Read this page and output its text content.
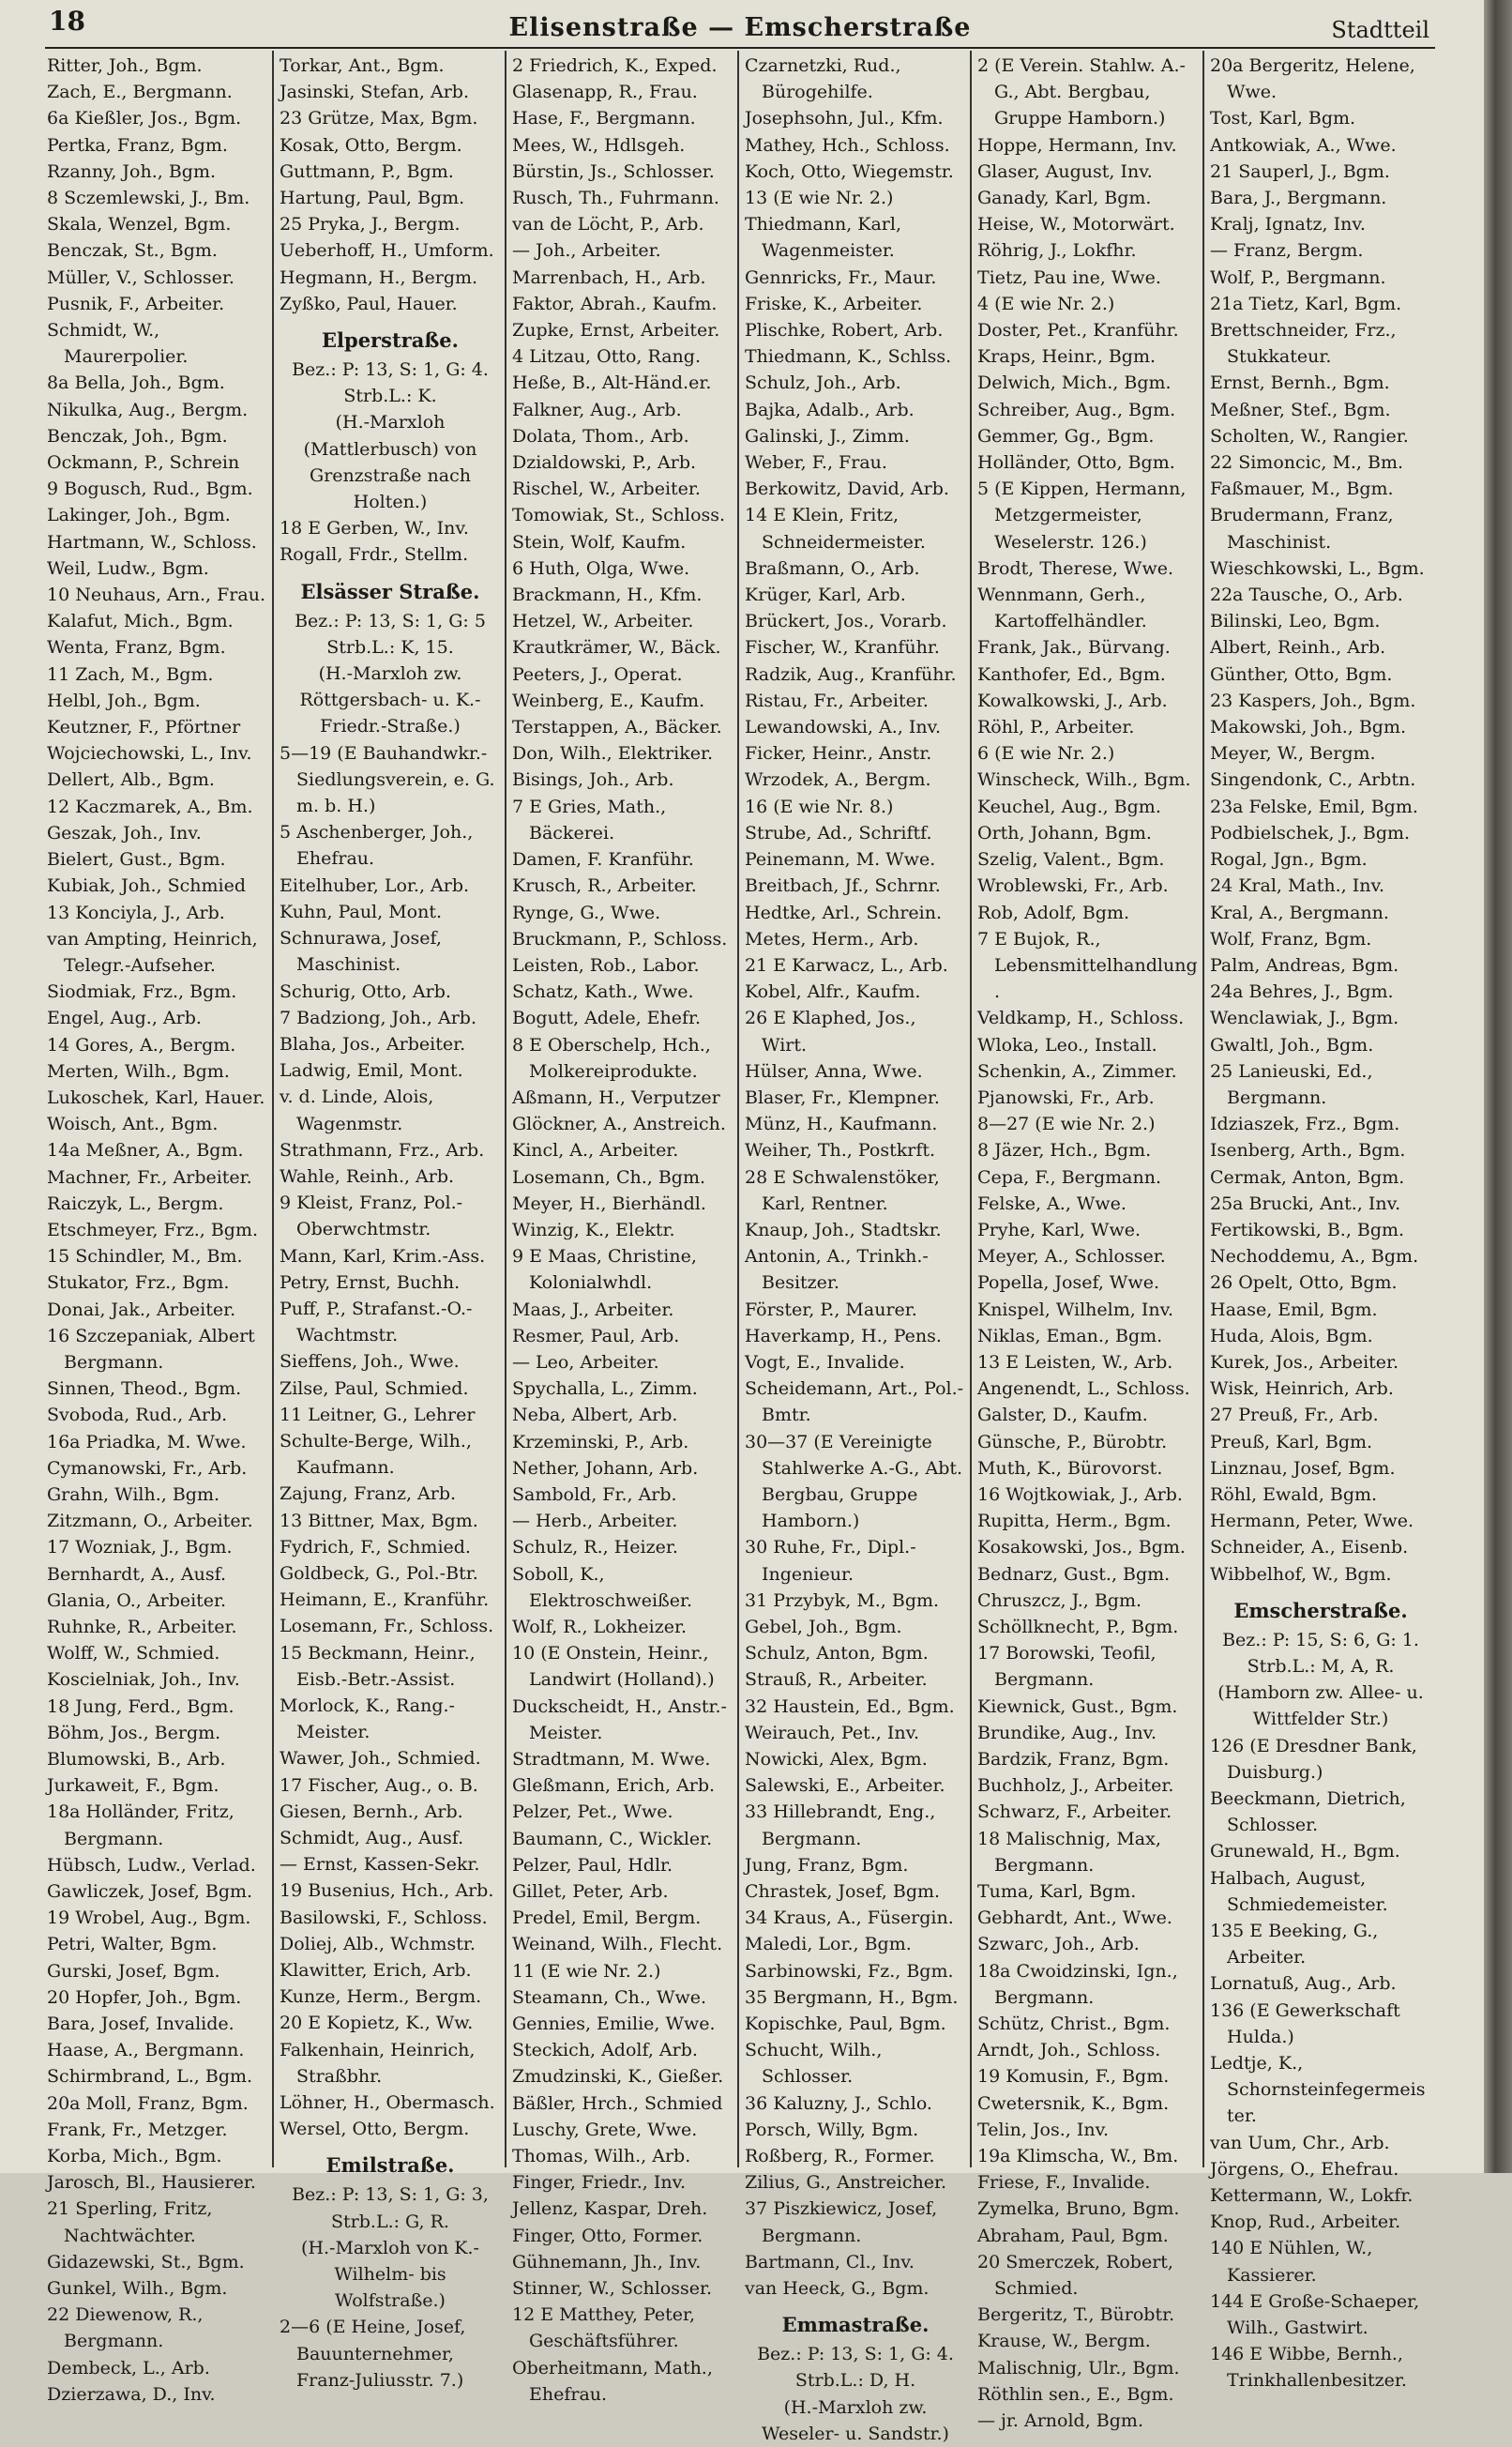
18	Elisenstraße — Emscherstraße	Stadtteil

Ritter, Joh., Bgm.

Zach, E., Bergmann.

6a Kießler, Jos., Bgm.

Pertka, Franz, Bgm.

Rzanny, Joh., Bgm.

8 Sczemlewski, J., Bm.

Skala, Wenzel, Bgm.

Benczak, St., Bgm.

Müller, V., Schlosser.

Pusnik, F., Arbeiter.

Schmidt, W., Maurerpolier.

8a Bella, Joh., Bgm.

Nikulka, Aug., Bergm.

Benczak, Joh., Bgm.

Ockmann, P., Schrein

9 Bogusch, Rud., Bgm.

Lakinger, Joh., Bgm.

Hartmann, W., Schloss.

Weil, Ludw., Bgm.

10 Neuhaus, Arn., Frau.

Kalafut, Mich., Bgm.

Wenta, Franz, Bgm.

11 Zach, M., Bgm.

Helbl, Joh., Bgm.

Keutzner, F., Pförtner

Wojciechowski, L., Inv.

Dellert, Alb., Bgm.

12 Kaczmarek, A., Bm.

Geszak, Joh., Inv.

Bielert, Gust., Bgm.

Kubiak, Joh., Schmied

13 Konciyla, J., Arb.

van Ampting, Heinrich, Telegr.-Aufseher.

Siodmiak, Frz., Bgm.

Engel, Aug., Arb.

14 Gores, A., Bergm.

Merten, Wilh., Bgm.

Lukoschek, Karl, Hauer.

Woisch, Ant., Bgm.

14a Meßner, A., Bgm.

Machner, Fr., Arbeiter.

Raiczyk, L., Bergm.

Etschmeyer, Frz., Bgm.

15 Schindler, M., Bm.

Stukator, Frz., Bgm.

Donai, Jak., Arbeiter.

16 Szczepaniak, Albert Bergmann.

Sinnen, Theod., Bgm.

Svoboda, Rud., Arb.

16a Priadka, M. Wwe.

Cymanowski, Fr., Arb.

Grahn, Wilh., Bgm.

Zitzmann, O., Arbeiter.

17 Wozniak, J., Bgm.

Bernhardt, A., Ausf.

Glania, O., Arbeiter.

Ruhnke, R., Arbeiter.

Wolff, W., Schmied.

Koscielniak, Joh., Inv.

18 Jung, Ferd., Bgm.

Böhm, Jos., Bergm.

Blumowski, B., Arb.

Jurkaweit, F., Bgm.

18a Holländer, Fritz, Bergmann.

Hübsch, Ludw., Verlad.

Gawliczek, Josef, Bgm.

19 Wrobel, Aug., Bgm.

Petri, Walter, Bgm.

Gurski, Josef, Bgm.

20 Hopfer, Joh., Bgm.

Bara, Josef, Invalide.

Haase, A., Bergmann.

Schirmbrand, L., Bgm.

20a Moll, Franz, Bgm.

Frank, Fr., Metzger.

Korba, Mich., Bgm.

Jarosch, Bl., Hausierer.

21 Sperling, Fritz, Nachtwächter.

Gidazewski, St., Bgm.

Gunkel, Wilh., Bgm.

22 Diewenow, R., Bergmann.

Dembeck, L., Arb.

Dzierzawa, D., Inv.

Torkar, Ant., Bgm.

Jasinski, Stefan, Arb.

23 Grütze, Max, Bgm.

Kosak, Otto, Bergm.

Guttmann, P., Bgm.

Hartung, Paul, Bgm.

25 Pryka, J., Bergm.

Ueberhoff, H., Umform.

Hegmann, H., Bergm.

Zyßko, Paul, Hauer.

Elperstraße.

Bez.: P: 13, S: 1, G: 4.

Strb.L.: K.

(H.-Marxloh (Mattlerbusch) von Grenzstraße nach Holten.)

18 E Gerben, W., Inv.

Rogall, Frdr., Stellm.

Elsässer Straße.

Bez.: P: 13, S: 1, G: 5

Strb.L.: K, 15.

(H.-Marxloh zw. Röttgersbach- u. K.-Friedr.-Straße.)

5—19 (E Bauhandwkr.-Siedlungsverein, e. G. m. b. H.)

5 Aschenberger, Joh., Ehefrau.

Eitelhuber, Lor., Arb.

Kuhn, Paul, Mont.

Schnurawa, Josef, Maschinist.

Schurig, Otto, Arb.

7 Badziong, Joh., Arb.

Blaha, Jos., Arbeiter.

Ladwig, Emil, Mont.

v. d. Linde, Alois, Wagenmstr.

Strathmann, Frz., Arb.

Wahle, Reinh., Arb.

9 Kleist, Franz, Pol.-Oberwchtmstr.

Mann, Karl, Krim.-Ass.

Petry, Ernst, Buchh.

Puff, P., Strafanst.-O.-Wachtmstr.

Sieffens, Joh., Wwe.

Zilse, Paul, Schmied.

11 Leitner, G., Lehrer

Schulte-Berge, Wilh., Kaufmann.

Zajung, Franz, Arb.

13 Bittner, Max, Bgm.

Fydrich, F., Schmied.

Goldbeck, G., Pol.-Btr.

Heimann, E., Kranführ.

Losemann, Fr., Schloss.

15 Beckmann, Heinr., Eisb.-Betr.-Assist.

Morlock, K., Rang.-Meister.

Wawer, Joh., Schmied.

17 Fischer, Aug., o. B.

Giesen, Bernh., Arb.

Schmidt, Aug., Ausf.

— Ernst, Kassen-Sekr.

19 Busenius, Hch., Arb.

Basilowski, F., Schloss.

Doliej, Alb., Wchmstr.

Klawitter, Erich, Arb.

Kunze, Herm., Bergm.

20 E Kopietz, K., Ww.

Falkenhain, Heinrich, Straßbhr.

Löhner, H., Obermasch.

Wersel, Otto, Bergm.

Emilstraße.

Bez.: P: 13, S: 1, G: 3,

Strb.L.: G, R.

(H.-Marxloh von K.-Wilhelm- bis Wolfstraße.)

2—6 (E Heine, Josef, Bauunternehmer, Franz-Juliusstr. 7.)

2 Friedrich, K., Exped.

Glasenapp, R., Frau.

Hase, F., Bergmann.

Mees, W., Hdlsgeh.

Bürstin, Js., Schlosser.

Rusch, Th., Fuhrmann.

van de Löcht, P., Arb.

— Joh., Arbeiter.

Marrenbach, H., Arb.

Faktor, Abrah., Kaufm.

Zupke, Ernst, Arbeiter.

4 Litzau, Otto, Rang.

Heße, B., Alt-Händ.er.

Falkner, Aug., Arb.

Dolata, Thom., Arb.

Dzialdowski, P., Arb.

Rischel, W., Arbeiter.

Tomowiak, St., Schloss.

Stein, Wolf, Kaufm.

6 Huth, Olga, Wwe.

Brackmann, H., Kfm.

Hetzel, W., Arbeiter.

Krautkrämer, W., Bäck.

Peeters, J., Operat.

Weinberg, E., Kaufm.

Terstappen, A., Bäcker.

Don, Wilh., Elektriker.

Bisings, Joh., Arb.

7 E Gries, Math., Bäckerei.

Damen, F. Kranführ.

Krusch, R., Arbeiter.

Rynge, G., Wwe.

Bruckmann, P., Schloss.

Leisten, Rob., Labor.

Schatz, Kath., Wwe.

Bogutt, Adele, Ehefr.

8 E Oberschelp, Hch., Molkereiprodukte.

Aßmann, H., Verputzer

Glöckner, A., Anstreich.

Kincl, A., Arbeiter.

Losemann, Ch., Bgm.

Meyer, H., Bierhändl.

Winzig, K., Elektr.

9 E Maas, Christine, Kolonialwhdl.

Maas, J., Arbeiter.

Resmer, Paul, Arb.

— Leo, Arbeiter.

Spychalla, L., Zimm.

Neba, Albert, Arb.

Krzeminski, P., Arb.

Nether, Johann, Arb.

Sambold, Fr., Arb.

— Herb., Arbeiter.

Schulz, R., Heizer.

Soboll, K., Elektroschweißer.

Wolf, R., Lokheizer.

10 (E Onstein, Heinr., Landwirt (Holland).)

Duckscheidt, H., Anstr.-Meister.

Stradtmann, M. Wwe.

Gleßmann, Erich, Arb.

Pelzer, Pet., Wwe.

Baumann, C., Wickler.

Pelzer, Paul, Hdlr.

Gillet, Peter, Arb.

Predel, Emil, Bergm.

Weinand, Wilh., Flecht.

11 (E wie Nr. 2.)

Steamann, Ch., Wwe.

Gennies, Emilie, Wwe.

Steckich, Adolf, Arb.

Zmudzinski, K., Gießer.

Bäßler, Hrch., Schmied

Luschy, Grete, Wwe.

Thomas, Wilh., Arb.

Finger, Friedr., Inv.

Jellenz, Kaspar, Dreh.

Finger, Otto, Former.

Gühnemann, Jh., Inv.

Stinner, W., Schlosser.

12 E Matthey, Peter, Geschäftsführer.

Oberheitmann, Math., Ehefrau.

Czarnetzki, Rud., Bürogehilfe.

Josephsohn, Jul., Kfm.

Mathey, Hch., Schloss.

Koch, Otto, Wiegemstr.

13 (E wie Nr. 2.)

Thiedmann, Karl, Wagenmeister.

Gennricks, Fr., Maur.

Friske, K., Arbeiter.

Plischke, Robert, Arb.

Thiedmann, K., Schlss.

Schulz, Joh., Arb.

Bajka, Adalb., Arb.

Galinski, J., Zimm.

Weber, F., Frau.

Berkowitz, David, Arb.

14 E Klein, Fritz, Schneidermeister.

Braßmann, O., Arb.

Krüger, Karl, Arb.

Brückert, Jos., Vorarb.

Fischer, W., Kranführ.

Radzik, Aug., Kranführ.

Ristau, Fr., Arbeiter.

Lewandowski, A., Inv.

Ficker, Heinr., Anstr.

Wrzodek, A., Bergm.

16 (E wie Nr. 8.)

Strube, Ad., Schriftf.

Peinemann, M. Wwe.

Breitbach, Jf., Schrnr.

Hedtke, Arl., Schrein.

Metes, Herm., Arb.

21 E Karwacz, L., Arb.

Kobel, Alfr., Kaufm.

26 E Klaphed, Jos., Wirt.

Hülser, Anna, Wwe.

Blaser, Fr., Klempner.

Münz, H., Kaufmann.

Weiher, Th., Postkrft.

28 E Schwalenstöker, Karl, Rentner.

Knaup, Joh., Stadtskr.

Antonin, A., Trinkh.-Besitzer.

Förster, P., Maurer.

Haverkamp, H., Pens.

Vogt, E., Invalide.

Scheidemann, Art., Pol.-Bmtr.

30—37 (E Vereinigte Stahlwerke A.-G., Abt. Bergbau, Gruppe Hamborn.)

30 Ruhe, Fr., Dipl.-Ingenieur.

31 Przybyk, M., Bgm.

Gebel, Joh., Bgm.

Schulz, Anton, Bgm.

Strauß, R., Arbeiter.

32 Haustein, Ed., Bgm.

Weirauch, Pet., Inv.

Nowicki, Alex, Bgm.

Salewski, E., Arbeiter.

33 Hillebrandt, Eng., Bergmann.

Jung, Franz, Bgm.

Chrastek, Josef, Bgm.

34 Kraus, A., Füsergin.

Maledi, Lor., Bgm.

Sarbinowski, Fz., Bgm.

35 Bergmann, H., Bgm.

Kopischke, Paul, Bgm.

Schucht, Wilh., Schlosser.

36 Kaluzny, J., Schlo.

Porsch, Willy, Bgm.

Roßberg, R., Former.

Zilius, G., Anstreicher.

37 Piszkiewicz, Josef, Bergmann.

Bartmann, Cl., Inv.

van Heeck, G., Bgm.

Emmastraße.

Bez.: P: 13, S: 1, G: 4.

Strb.L.: D, H.

(H.-Marxloh zw. Weseler- u. Sandstr.)

2 (E Verein. Stahlw. A.-G., Abt. Bergbau, Gruppe Hamborn.)

Hoppe, Hermann, Inv.

Glaser, August, Inv.

Ganady, Karl, Bgm.

Heise, W., Motorwärt.

Röhrig, J., Lokfhr.

Tietz, Pau ine, Wwe.

4 (E wie Nr. 2.)

Doster, Pet., Kranführ.

Kraps, Heinr., Bgm.

Delwich, Mich., Bgm.

Schreiber, Aug., Bgm.

Gemmer, Gg., Bgm.

Holländer, Otto, Bgm.

5 (E Kippen, Hermann, Metzgermeister, Weselerstr. 126.)

Brodt, Therese, Wwe.

Wennmann, Gerh., Kartoffelhändler.

Frank, Jak., Bürvang.

Kanthofer, Ed., Bgm.

Kowalkowski, J., Arb.

Röhl, P., Arbeiter.

6 (E wie Nr. 2.)

Winscheck, Wilh., Bgm.

Keuchel, Aug., Bgm.

Orth, Johann, Bgm.

Szelig, Valent., Bgm.

Wroblewski, Fr., Arb.

Rob, Adolf, Bgm.

7 E Bujok, R., Lebensmittelhandlung.

Veldkamp, H., Schloss.

Wloka, Leo., Install.

Schenkin, A., Zimmer.

Pjanowski, Fr., Arb.

8—27 (E wie Nr. 2.)

8 Jäzer, Hch., Bgm.

Cepa, F., Bergmann.

Felske, A., Wwe.

Pryhe, Karl, Wwe.

Meyer, A., Schlosser.

Popella, Josef, Wwe.

Knispel, Wilhelm, Inv.

Niklas, Eman., Bgm.

13 E Leisten, W., Arb.

Angenendt, L., Schloss.

Galster, D., Kaufm.

Günsche, P., Bürobtr.

Muth, K., Bürovorst.

16 Wojtkowiak, J., Arb.

Rupitta, Herm., Bgm.

Kosakowski, Jos., Bgm.

Bednarz, Gust., Bgm.

Chruszcz, J., Bgm.

Schöllknecht, P., Bgm.

17 Borowski, Teofil, Bergmann.

Kiewnick, Gust., Bgm.

Brundike, Aug., Inv.

Bardzik, Franz, Bgm.

Buchholz, J., Arbeiter.

Schwarz, F., Arbeiter.

18 Malischnig, Max, Bergmann.

Tuma, Karl, Bgm.

Gebhardt, Ant., Wwe.

Szwarc, Joh., Arb.

18a Cwoidzinski, Ign., Bergmann.

Schütz, Christ., Bgm.

Arndt, Joh., Schloss.

19 Komusin, F., Bgm.

Cwetersnik, K., Bgm.

Telin, Jos., Inv.

19a Klimscha, W., Bm.

Friese, F., Invalide.

Zymelka, Bruno, Bgm.

Abraham, Paul, Bgm.

20 Smerczek, Robert, Schmied.

Bergeritz, T., Bürobtr.

Krause, W., Bergm.

Malischnig, Ulr., Bgm.

Röthlin sen., E., Bgm.

— jr. Arnold, Bgm.

20a Bergeritz, Helene, Wwe.

Tost, Karl, Bgm.

Antkowiak, A., Wwe.

21 Sauperl, J., Bgm.

Bara, J., Bergmann.

Kralj, Ignatz, Inv.

— Franz, Bergm.

Wolf, P., Bergmann.

21a Tietz, Karl, Bgm.

Brettschneider, Frz., Stukkateur.

Ernst, Bernh., Bgm.

Meßner, Stef., Bgm.

Scholten, W., Rangier.

22 Simoncic, M., Bm.

Faßmauer, M., Bgm.

Brudermann, Franz, Maschinist.

Wieschkowski, L., Bgm.

22a Tausche, O., Arb.

Bilinski, Leo, Bgm.

Albert, Reinh., Arb.

Günther, Otto, Bgm.

23 Kaspers, Joh., Bgm.

Makowski, Joh., Bgm.

Meyer, W., Bergm.

Singendonk, C., Arbtn.

23a Felske, Emil, Bgm.

Podbielschek, J., Bgm.

Rogal, Jgn., Bgm.

24 Kral, Math., Inv.

Kral, A., Bergmann.

Wolf, Franz, Bgm.

Palm, Andreas, Bgm.

24a Behres, J., Bgm.

Wenclawiak, J., Bgm.

Gwaltl, Joh., Bgm.

25 Lanieuski, Ed., Bergmann.

Idziaszek, Frz., Bgm.

Isenberg, Arth., Bgm.

Cermak, Anton, Bgm.

25a Brucki, Ant., Inv.

Fertikowski, B., Bgm.

Nechoddemu, A., Bgm.

26 Opelt, Otto, Bgm.

Haase, Emil, Bgm.

Huda, Alois, Bgm.

Kurek, Jos., Arbeiter.

Wisk, Heinrich, Arb.

27 Preuß, Fr., Arb.

Preuß, Karl, Bgm.

Linznau, Josef, Bgm.

Röhl, Ewald, Bgm.

Hermann, Peter, Wwe.

Schneider, A., Eisenb.

Wibbelhof, W., Bgm.

Emscherstraße.

Bez.: P: 15, S: 6, G: 1.

Strb.L.: M, A, R.

(Hamborn zw. Allee- u. Wittfelder Str.)

126 (E Dresdner Bank, Duisburg.)

Beeckmann, Dietrich, Schlosser.

Grunewald, H., Bgm.

Halbach, August, Schmiedemeister.

135 E Beeking, G., Arbeiter.

Lornatuß, Aug., Arb.

136 (E Gewerkschaft Hulda.)

Ledtje, K., Schornsteinfegermeister.

van Uum, Chr., Arb.

Jörgens, O., Ehefrau.

Kettermann, W., Lokfr.

Knop, Rud., Arbeiter.

140 E Nühlen, W., Kassierer.

144 E Große-Schaeper, Wilh., Gastwirt.

146 E Wibbe, Bernh., Trinkhallenbesitzer.
